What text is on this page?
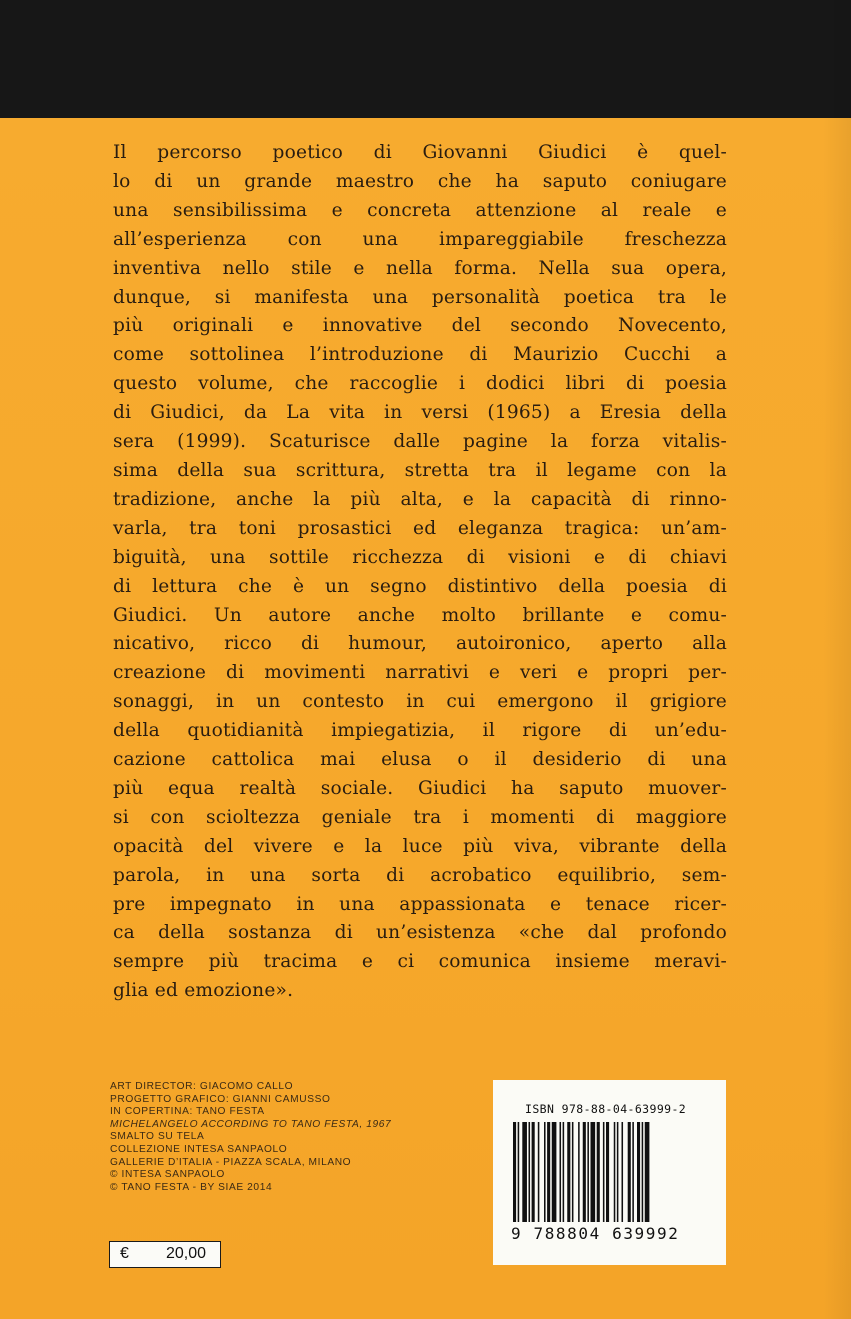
Il percorso poetico di Giovanni Giudici è quel-
lo di un grande maestro che ha saputo coniugare
una sensibilissima e concreta attenzione al reale e
all’esperienza con una impareggiabile freschezza
inventiva nello stile e nella forma. Nella sua opera,
dunque, si manifesta una personalità poetica tra le
più originali e innovative del secondo Novecento,
come sottolinea l’introduzione di Maurizio Cucchi a
questo volume, che raccoglie i dodici libri di poesia
di Giudici, da La vita in versi (1965) a Eresia della
sera (1999). Scaturisce dalle pagine la forza vitalis-
sima della sua scrittura, stretta tra il legame con la
tradizione, anche la più alta, e la capacità di rinno-
varla, tra toni prosastici ed eleganza tragica: un’am-
biguità, una sottile ricchezza di visioni e di chiavi
di lettura che è un segno distintivo della poesia di
Giudici. Un autore anche molto brillante e comu-
nicativo, ricco di humour, autoironico, aperto alla
creazione di movimenti narrativi e veri e propri per-
sonaggi, in un contesto in cui emergono il grigiore
della quotidianità impiegatizia, il rigore di un’edu-
cazione cattolica mai elusa o il desiderio di una
più equa realtà sociale. Giudici ha saputo muover-
si con scioltezza geniale tra i momenti di maggiore
opacità del vivere e la luce più viva, vibrante della
parola, in una sorta di acrobatico equilibrio, sem-
pre impegnato in una appassionata e tenace ricer-
ca della sostanza di un’esistenza «che dal profondo
sempre più tracima e ci comunica insieme meravi-
glia ed emozione».
ART DIRECTOR: GIACOMO CALLO
PROGETTO GRAFICO: GIANNI CAMUSSO
IN COPERTINA: TANO FESTA
MICHELANGELO ACCORDING TO TANO FESTA, 1967
SMALTO SU TELA
COLLEZIONE INTESA SANPAOLO
GALLERIE D’ITALIA - PIAZZA SCALA, MILANO
© INTESA SANPAOLO
© TANO FESTA - BY SIAE 2014
€ 20,00
ISBN 978-88-04-63999-2
9 788804 639992
